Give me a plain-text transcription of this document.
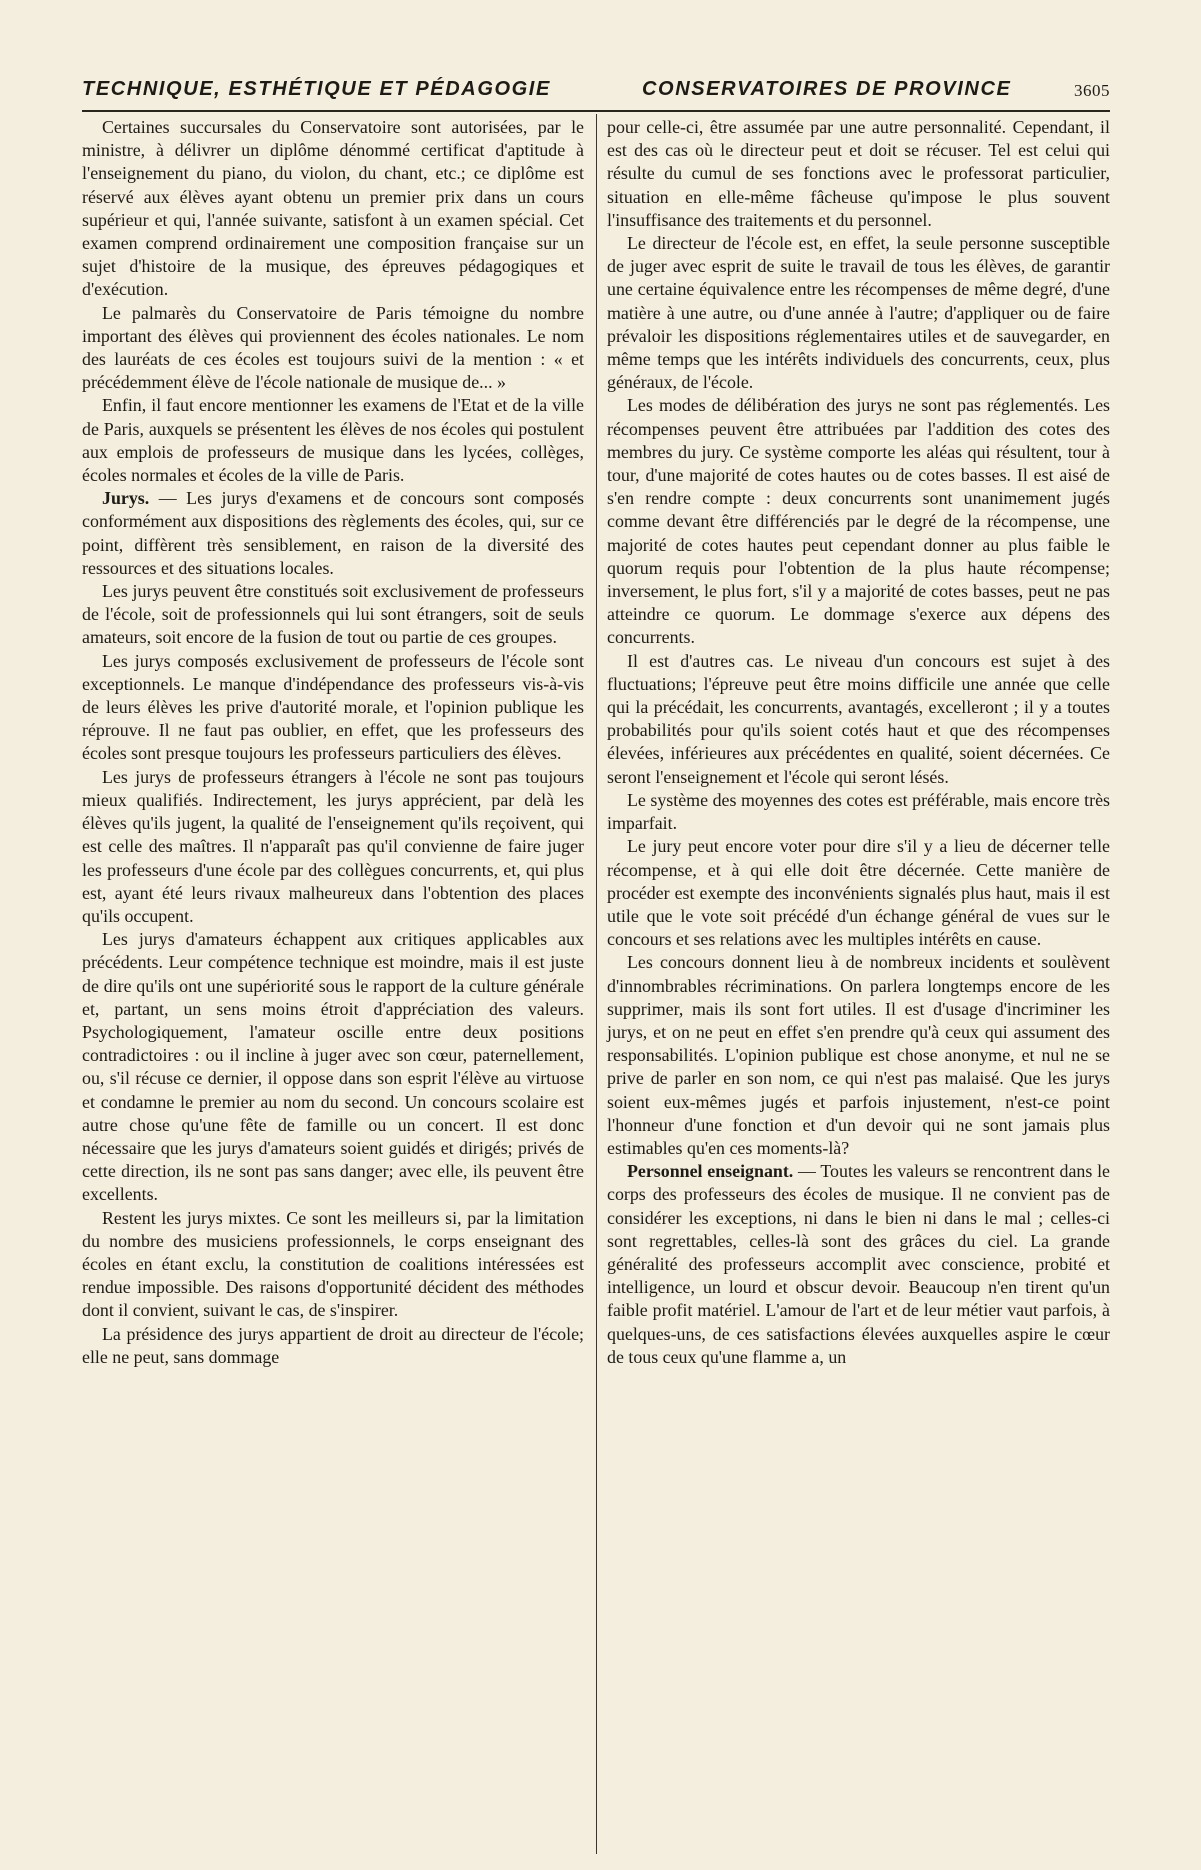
TECHNIQUE, ESTHÉTIQUE ET PÉDAGOGIE	CONSERVATOIRES DE PROVINCE	3605

Certaines succursales du Conservatoire sont autorisées, par le ministre, à délivrer un diplôme dénommé certificat d'aptitude à l'enseignement du piano, du violon, du chant, etc.; ce diplôme est réservé aux élèves ayant obtenu un premier prix dans un cours supérieur et qui, l'année suivante, satisfont à un examen spécial. Cet examen comprend ordinairement une composition française sur un sujet d'histoire de la musique, des épreuves pédagogiques et d'exécution.

Le palmarès du Conservatoire de Paris témoigne du nombre important des élèves qui proviennent des écoles nationales. Le nom des lauréats de ces écoles est toujours suivi de la mention : « et précédemment élève de l'école nationale de musique de... »

Enfin, il faut encore mentionner les examens de l'Etat et de la ville de Paris, auxquels se présentent les élèves de nos écoles qui postulent aux emplois de professeurs de musique dans les lycées, collèges, écoles normales et écoles de la ville de Paris.

Jurys. — Les jurys d'examens et de concours sont composés conformément aux dispositions des règlements des écoles, qui, sur ce point, diffèrent très sensiblement, en raison de la diversité des ressources et des situations locales.

Les jurys peuvent être constitués soit exclusivement de professeurs de l'école, soit de professionnels qui lui sont étrangers, soit de seuls amateurs, soit encore de la fusion de tout ou partie de ces groupes.

Les jurys composés exclusivement de professeurs de l'école sont exceptionnels. Le manque d'indépendance des professeurs vis-à-vis de leurs élèves les prive d'autorité morale, et l'opinion publique les réprouve. Il ne faut pas oublier, en effet, que les professeurs des écoles sont presque toujours les professeurs particuliers des élèves.

Les jurys de professeurs étrangers à l'école ne sont pas toujours mieux qualifiés. Indirectement, les jurys apprécient, par delà les élèves qu'ils jugent, la qualité de l'enseignement qu'ils reçoivent, qui est celle des maîtres. Il n'apparaît pas qu'il convienne de faire juger les professeurs d'une école par des collègues concurrents, et, qui plus est, ayant été leurs rivaux malheureux dans l'obtention des places qu'ils occupent.

Les jurys d'amateurs échappent aux critiques applicables aux précédents. Leur compétence technique est moindre, mais il est juste de dire qu'ils ont une supériorité sous le rapport de la culture générale et, partant, un sens moins étroit d'appréciation des valeurs. Psychologiquement, l'amateur oscille entre deux positions contradictoires : ou il incline à juger avec son cœur, paternellement, ou, s'il récuse ce dernier, il oppose dans son esprit l'élève au virtuose et condamne le premier au nom du second. Un concours scolaire est autre chose qu'une fête de famille ou un concert. Il est donc nécessaire que les jurys d'amateurs soient guidés et dirigés; privés de cette direction, ils ne sont pas sans danger; avec elle, ils peuvent être excellents.

Restent les jurys mixtes. Ce sont les meilleurs si, par la limitation du nombre des musiciens professionnels, le corps enseignant des écoles en étant exclu, la constitution de coalitions intéressées est rendue impossible. Des raisons d'opportunité décident des méthodes dont il convient, suivant le cas, de s'inspirer.

La présidence des jurys appartient de droit au directeur de l'école; elle ne peut, sans dommage

pour celle-ci, être assumée par une autre personnalité. Cependant, il est des cas où le directeur peut et doit se récuser. Tel est celui qui résulte du cumul de ses fonctions avec le professorat particulier, situation en elle-même fâcheuse qu'impose le plus souvent l'insuffisance des traitements et du personnel.

Le directeur de l'école est, en effet, la seule personne susceptible de juger avec esprit de suite le travail de tous les élèves, de garantir une certaine équivalence entre les récompenses de même degré, d'une matière à une autre, ou d'une année à l'autre; d'appliquer ou de faire prévaloir les dispositions réglementaires utiles et de sauvegarder, en même temps que les intérêts individuels des concurrents, ceux, plus généraux, de l'école.

Les modes de délibération des jurys ne sont pas réglementés. Les récompenses peuvent être attribuées par l'addition des cotes des membres du jury. Ce système comporte les aléas qui résultent, tour à tour, d'une majorité de cotes hautes ou de cotes basses. Il est aisé de s'en rendre compte : deux concurrents sont unanimement jugés comme devant être différenciés par le degré de la récompense, une majorité de cotes hautes peut cependant donner au plus faible le quorum requis pour l'obtention de la plus haute récompense; inversement, le plus fort, s'il y a majorité de cotes basses, peut ne pas atteindre ce quorum. Le dommage s'exerce aux dépens des concurrents.

Il est d'autres cas. Le niveau d'un concours est sujet à des fluctuations; l'épreuve peut être moins difficile une année que celle qui la précédait, les concurrents, avantagés, excelleront ; il y a toutes probabilités pour qu'ils soient cotés haut et que des récompenses élevées, inférieures aux précédentes en qualité, soient décernées. Ce seront l'enseignement et l'école qui seront lésés.

Le système des moyennes des cotes est préférable, mais encore très imparfait.

Le jury peut encore voter pour dire s'il y a lieu de décerner telle récompense, et à qui elle doit être décernée. Cette manière de procéder est exempte des inconvénients signalés plus haut, mais il est utile que le vote soit précédé d'un échange général de vues sur le concours et ses relations avec les multiples intérêts en cause.

Les concours donnent lieu à de nombreux incidents et soulèvent d'innombrables récriminations. On parlera longtemps encore de les supprimer, mais ils sont fort utiles. Il est d'usage d'incriminer les jurys, et on ne peut en effet s'en prendre qu'à ceux qui assument des responsabilités. L'opinion publique est chose anonyme, et nul ne se prive de parler en son nom, ce qui n'est pas malaisé. Que les jurys soient eux-mêmes jugés et parfois injustement, n'est-ce point l'honneur d'une fonction et d'un devoir qui ne sont jamais plus estimables qu'en ces moments-là?

Personnel enseignant. — Toutes les valeurs se rencontrent dans le corps des professeurs des écoles de musique. Il ne convient pas de considérer les exceptions, ni dans le bien ni dans le mal ; celles-ci sont regrettables, celles-là sont des grâces du ciel. La grande généralité des professeurs accomplit avec conscience, probité et intelligence, un lourd et obscur devoir. Beaucoup n'en tirent qu'un faible profit matériel. L'amour de l'art et de leur métier vaut parfois, à quelques-uns, de ces satisfactions élevées auxquelles aspire le cœur de tous ceux qu'une flamme a, un
